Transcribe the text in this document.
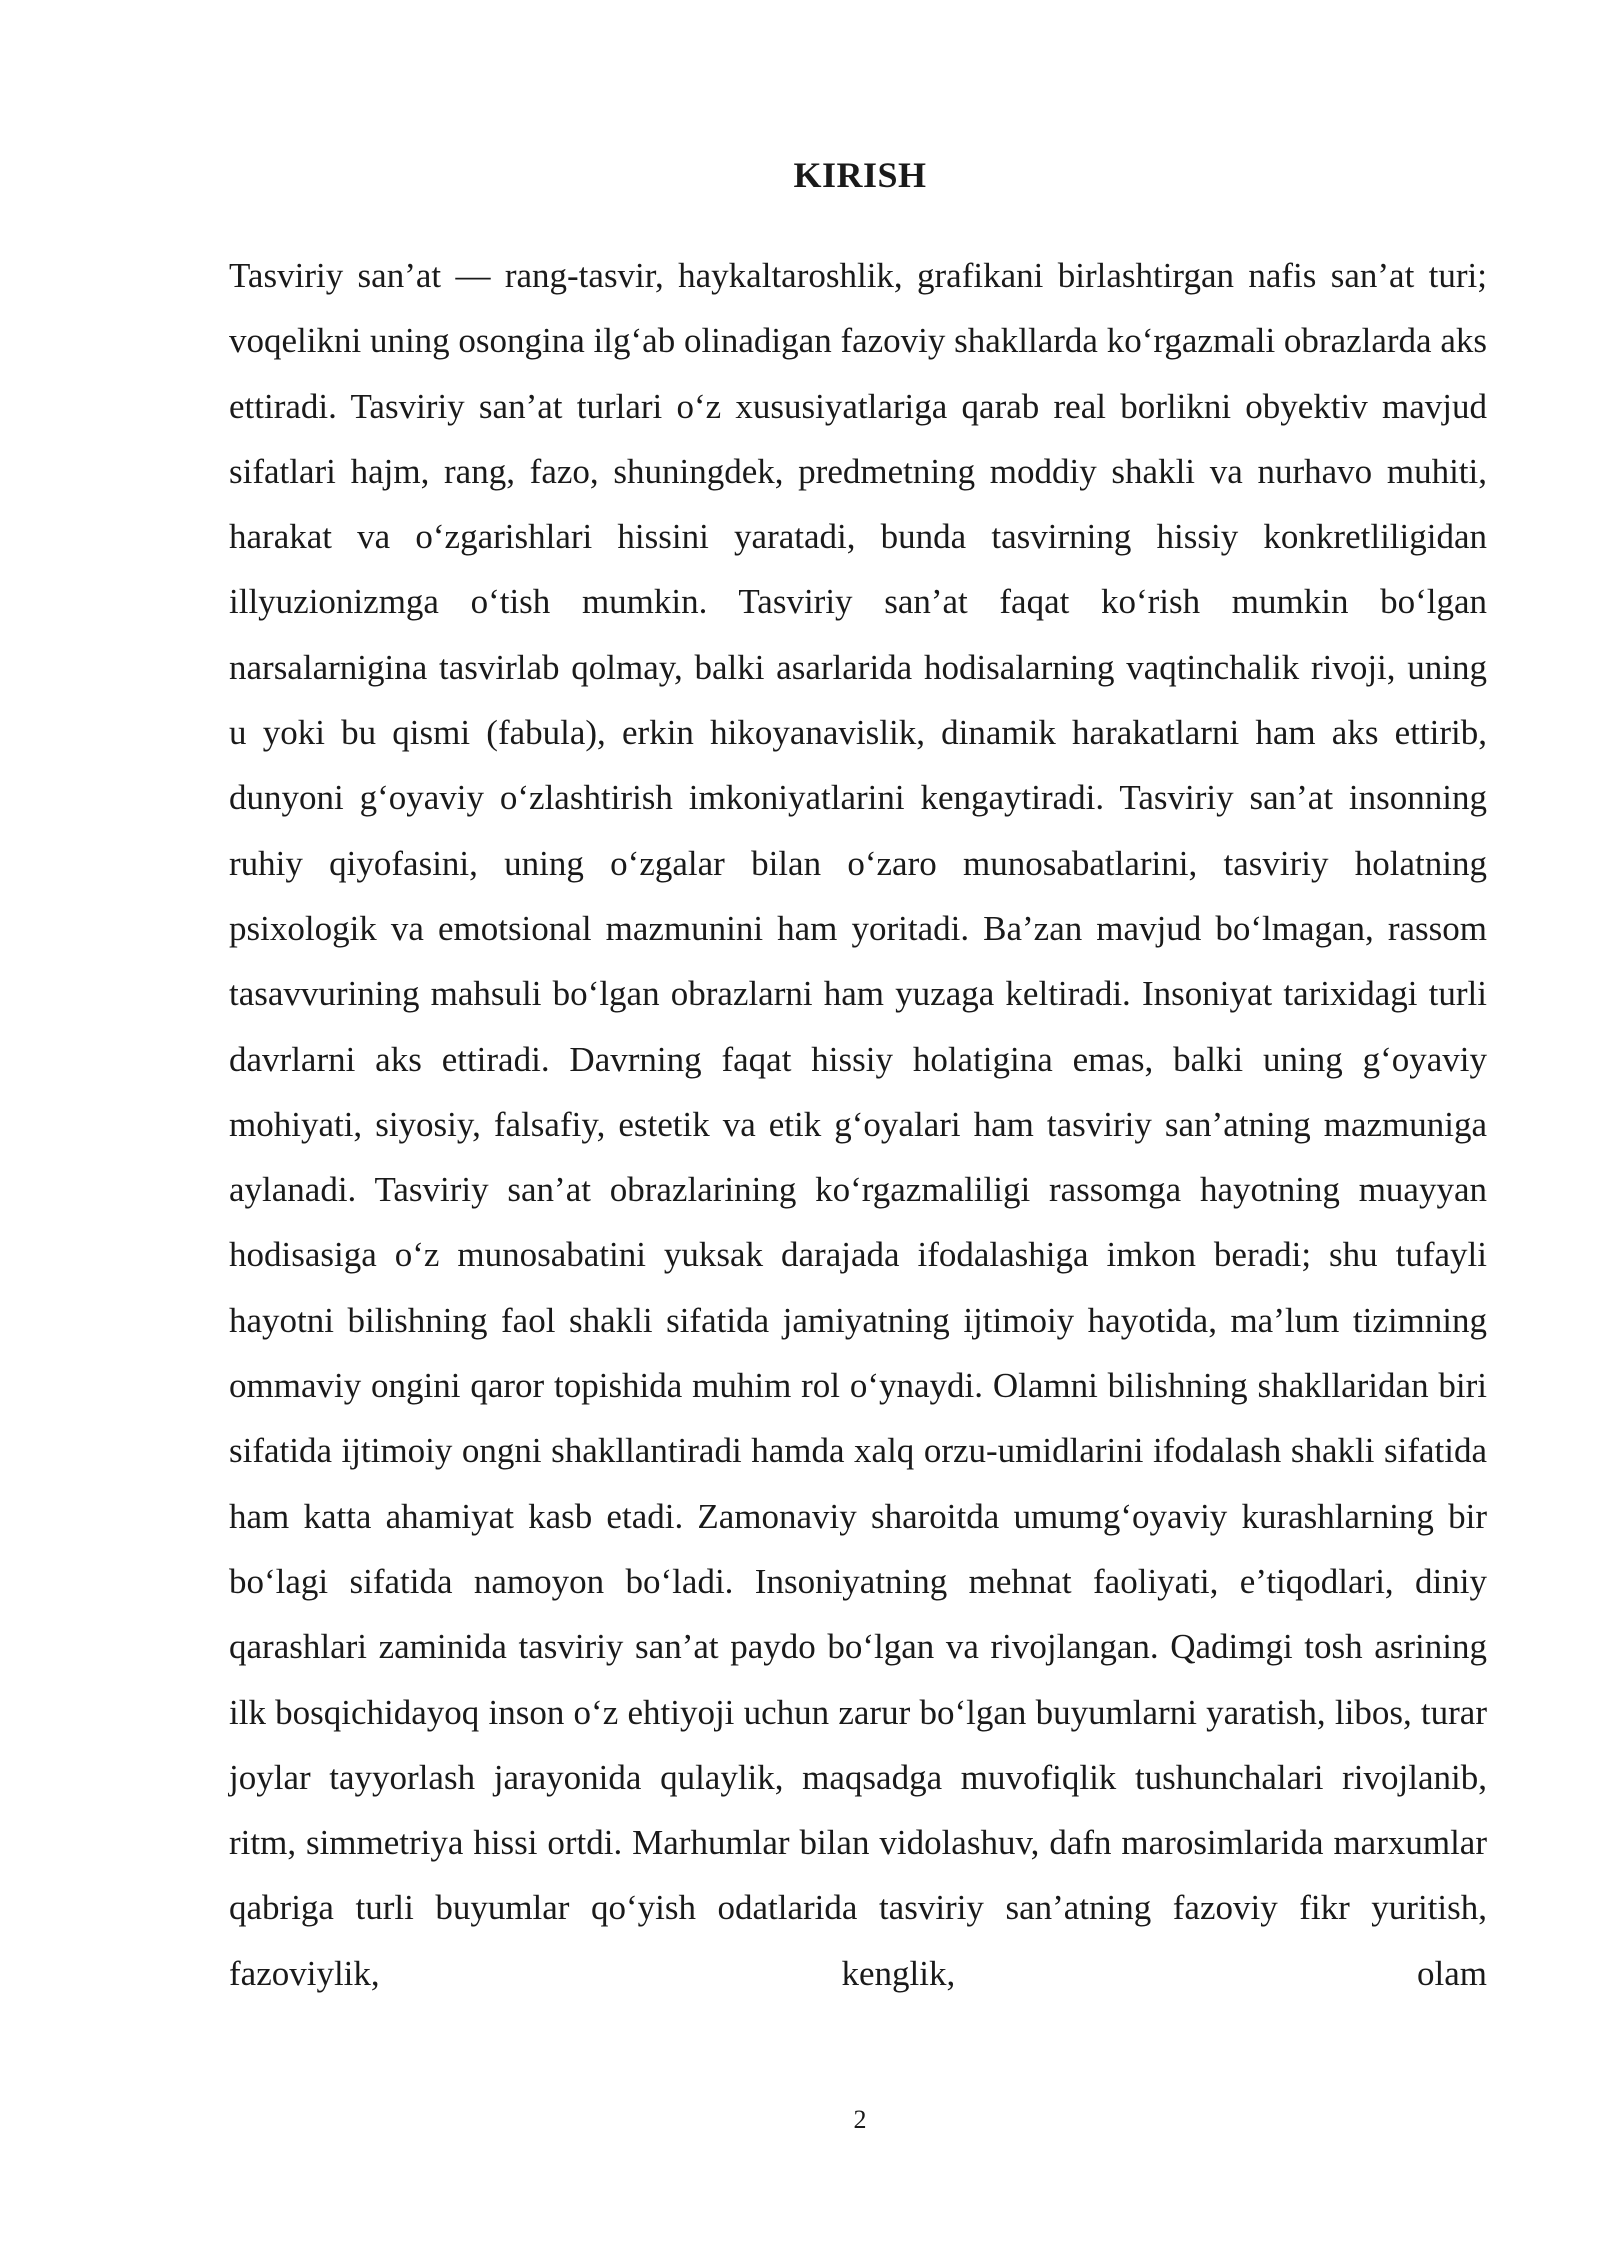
KIRISH

Tasviriy san’at — rang-tasvir, haykaltaroshlik, grafikani birlashtirgan nafis san’at turi; voqelikni uning osongina ilg‘ab olinadigan fazoviy shakllarda ko‘rgazmali obrazlarda aks ettiradi. Tasviriy san’at turlari o‘z xususiyatlariga qarab real borlikni obyektiv mavjud sifatlari hajm, rang, fazo, shuningdek, predmetning moddiy shakli va nurhavo muhiti, harakat va o‘zgarishlari hissini yaratadi, bunda tasvirning hissiy konkretliligidan illyuzionizmga o‘tish mumkin. Tasviriy san’at faqat ko‘rish mumkin bo‘lgan narsalarnigina tasvirlab qolmay, balki asarlarida hodisalarning vaqtinchalik rivoji, uning u yoki bu qismi (fabula), erkin hikoyanavislik, dinamik harakatlarni ham aks ettirib, dunyoni g‘oyaviy o‘zlashtirish imkoniyatlarini kengaytiradi. Tasviriy san’at insonning ruhiy qiyofasini, uning o‘zgalar bilan o‘zaro munosabatlarini, tasviriy holatning psixologik va emotsional mazmunini ham yoritadi. Ba’zan mavjud bo‘lmagan, rassom tasavvurining mahsuli bo‘lgan obrazlarni ham yuzaga keltiradi. Insoniyat tarixidagi turli davrlarni aks ettiradi. Davrning faqat hissiy holatigina emas, balki uning g‘oyaviy mohiyati, siyosiy, falsafiy, estetik va etik g‘oyalari ham tasviriy san’atning mazmuniga aylanadi. Tasviriy san’at obrazlarining ko‘rgazmaliligi rassomga hayotning muayyan hodisasiga o‘z munosabatini yuksak darajada ifodalashiga imkon beradi; shu tufayli hayotni bilishning faol shakli sifatida jamiyatning ijtimoiy hayotida, ma’lum tizimning ommaviy ongini qaror topishida muhim rol o‘ynaydi. Olamni bilishning shakllaridan biri sifatida ijtimoiy ongni shakllantiradi hamda xalq orzu-umidlarini ifodalash shakli sifatida ham katta ahamiyat kasb etadi. Zamonaviy sharoitda umumg‘oyaviy kurashlarning bir bo‘lagi sifatida namoyon bo‘ladi. Insoniyatning mehnat faoliyati, e’tiqodlari, diniy qarashlari zaminida tasviriy san’at paydo bo‘lgan va rivojlangan. Qadimgi tosh asrining ilk bosqichidayoq inson o‘z ehtiyoji uchun zarur bo‘lgan buyumlarni yaratish, libos, turar joylar tayyorlash jarayonida qulaylik, maqsadga muvofiqlik tushunchalari rivojlanib, ritm, simmetriya hissi ortdi. Marhumlar bilan vidolashuv, dafn marosimlarida marxumlar qabriga turli buyumlar qo‘yish odatlarida tasviriy san’atning fazoviy fikr yuritish, fazoviylik, kenglik, olam

2
